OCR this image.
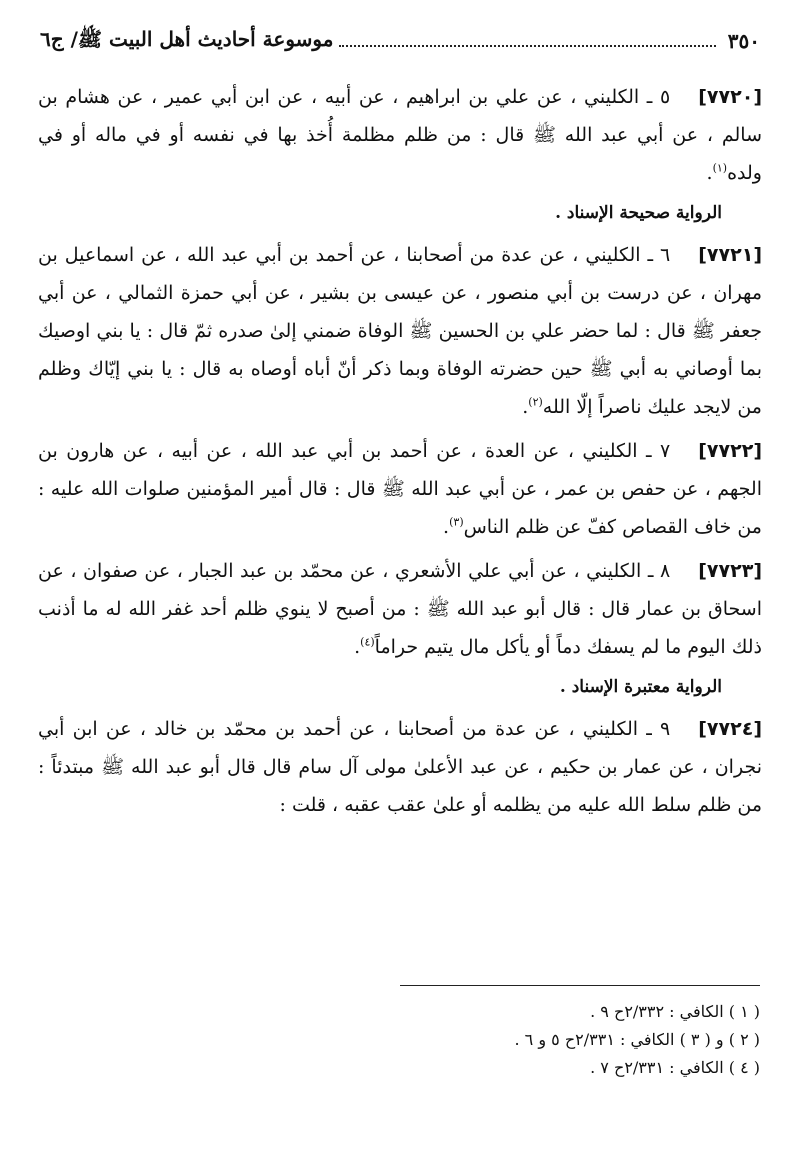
٣٥٠
موسوعة أحاديث أهل البيت ﷺ/ ج٦

[٧٧٢٠]٥ ـ الكليني ، عن علي بن ابراهيم ، عن أبيه ، عن ابن أبي عمير ، عن هشام بن سالم ، عن أبي عبد الله ﷺ قال : من ظلم مظلمة أُخذ بها في نفسه أو في ماله أو في ولده$^{(١)}$.

الرواية صحيحة الإسناد .

[٧٧٢١]٦ ـ الكليني ، عن عدة من أصحابنا ، عن أحمد بن أبي عبد الله ، عن اسماعيل بن مهران ، عن درست بن أبي منصور ، عن عيسى بن بشير ، عن أبي حمزة الثمالي ، عن أبي جعفر ﷺ قال : لما حضر علي بن الحسين ﷺ الوفاة ضمني إلىٰ صدره ثمّ قال : يا بني اوصيك بما أوصاني به أبي ﷺ حين حضرته الوفاة وبما ذكر أنّ أباه أوصاه به قال : يا بني إيّاك وظلم من لايجد عليك ناصراً إلّا الله$^{(٢)}$.

[٧٧٢٢]٧ ـ الكليني ، عن العدة ، عن أحمد بن أبي عبد الله ، عن أبيه ، عن هارون بن الجهم ، عن حفص بن عمر ، عن أبي عبد الله ﷺ قال : قال أمير المؤمنين صلوات الله عليه : من خاف القصاص كفّ عن ظلم الناس$^{(٣)}$.

[٧٧٢٣]٨ ـ الكليني ، عن أبي علي الأشعري ، عن محمّد بن عبد الجبار ، عن صفوان ، عن اسحاق بن عمار قال : قال أبو عبد الله ﷺ : من أصبح لا ينوي ظلم أحد غفر الله له ما أذنب ذلك اليوم ما لم يسفك دماً أو يأكل مال يتيم حراماً$^{(٤)}$.

الرواية معتبرة الإسناد .

[٧٧٢٤]٩ ـ الكليني ، عن عدة من أصحابنا ، عن أحمد بن محمّد بن خالد ، عن ابن أبي نجران ، عن عمار بن حكيم ، عن عبد الأعلىٰ مولى آل سام قال قال أبو عبد الله ﷺ مبتدئاً : من ظلم سلط الله عليه من يظلمه أو علىٰ عقب عقبه ، قلت :

( ١ ) الكافي : ٢/٣٣٢ح ٩ .
( ٢ ) و ( ٣ ) الكافي : ٢/٣٣١ح ٥ و ٦ .
( ٤ ) الكافي : ٢/٣٣١ح ٧ .
